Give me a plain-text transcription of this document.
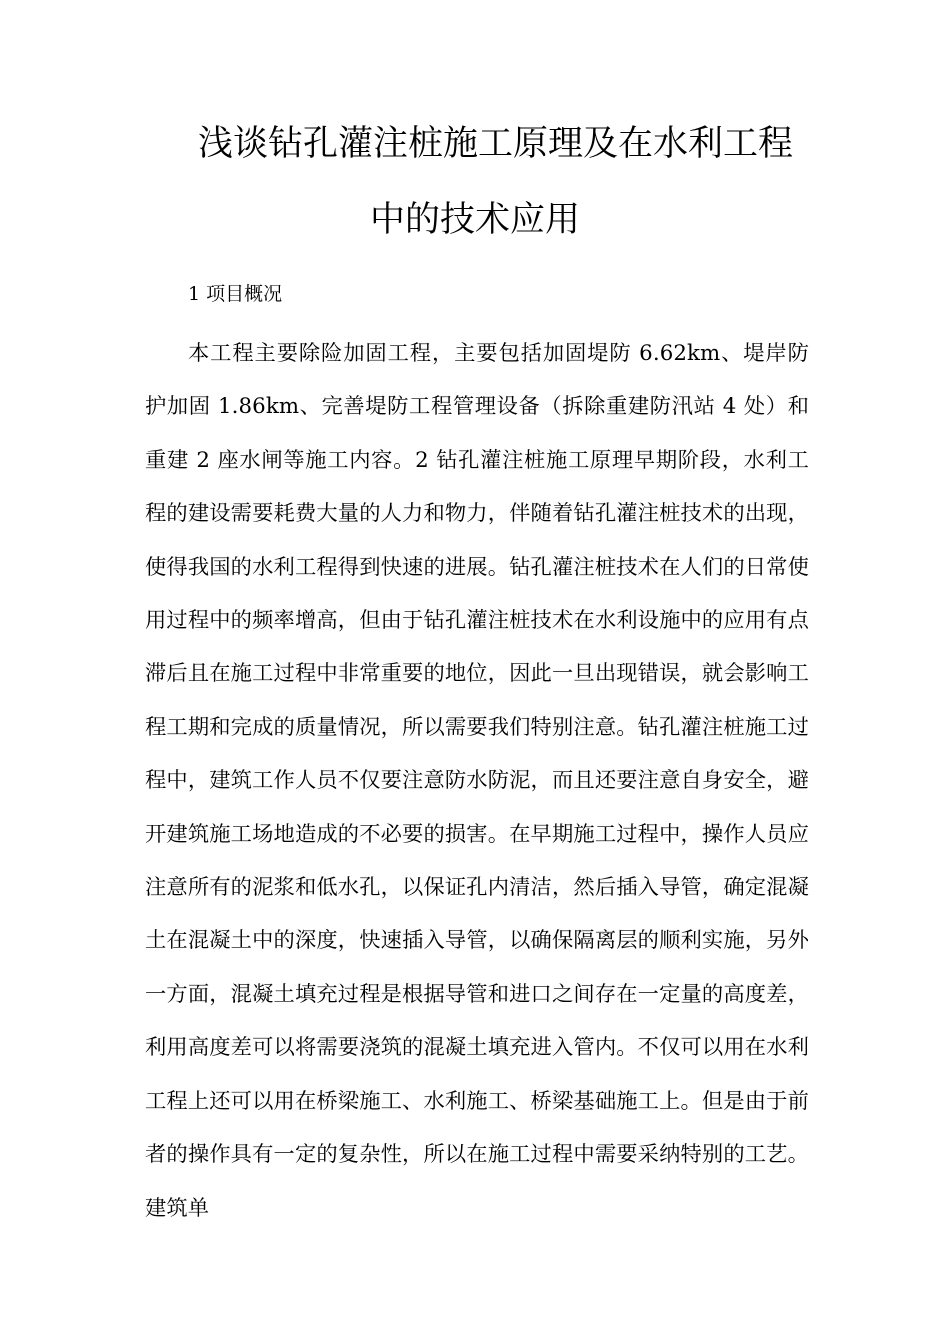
浅谈钻孔灌注桩施工原理及在水利工程
中的技术应用
1 项目概况

本工程主要除险加固工程，主要包括加固堤防 6.62km、堤岸防护加固 1.86km、完善堤防工程管理设备（拆除重建防汛站 4 处）和重建 2 座水闸等施工内容。2 钻孔灌注桩施工原理早期阶段，水利工程的建设需要耗费大量的人力和物力，伴随着钻孔灌注桩技术的出现，使得我国的水利工程得到快速的进展。钻孔灌注桩技术在人们的日常使用过程中的频率增高，但由于钻孔灌注桩技术在水利设施中的应用有点滞后且在施工过程中非常重要的地位，因此一旦出现错误，就会影响工程工期和完成的质量情况，所以需要我们特别注意。钻孔灌注桩施工过程中，建筑工作人员不仅要注意防水防泥，而且还要注意自身安全，避开建筑施工场地造成的不必要的损害。在早期施工过程中，操作人员应注意所有的泥浆和低水孔，以保证孔内清洁，然后插入导管，确定混凝土在混凝土中的深度，快速插入导管，以确保隔离层的顺利实施，另外一方面，混凝土填充过程是根据导管和进口之间存在一定量的高度差，利用高度差可以将需要浇筑的混凝土填充进入管内。不仅可以用在水利工程上还可以用在桥梁施工、水利施工、桥梁基础施工上。但是由于前者的操作具有一定的复杂性，所以在施工过程中需要采纳特别的工艺。建筑单
